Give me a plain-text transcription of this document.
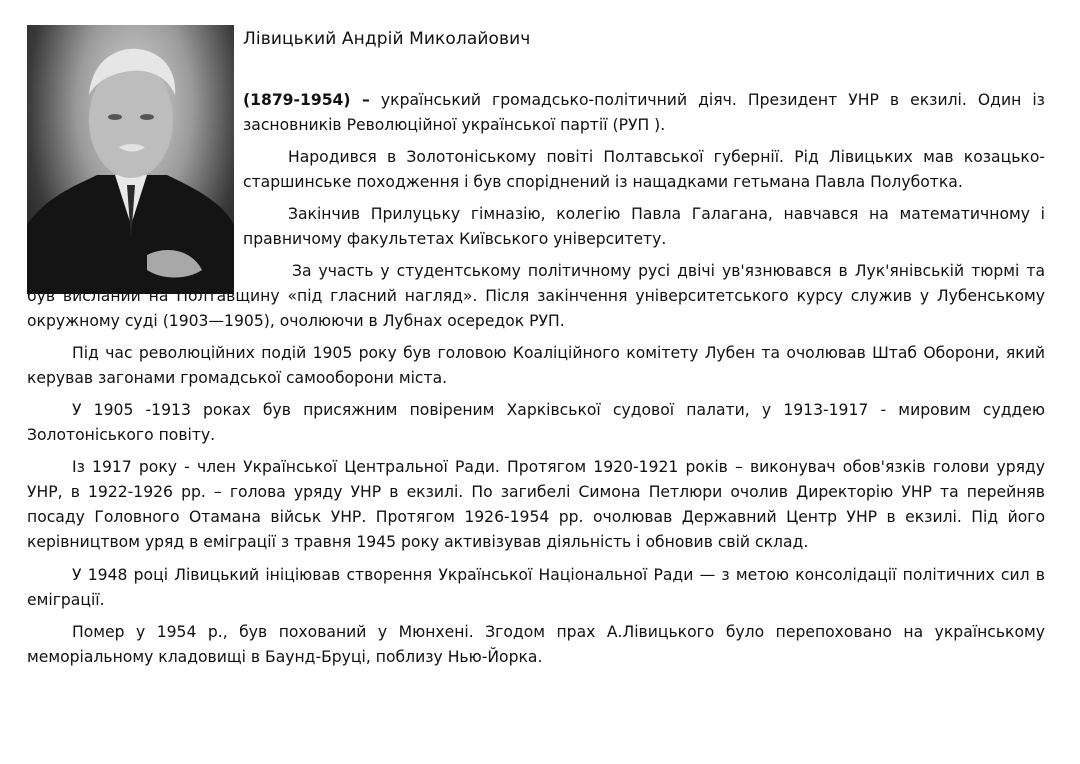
Лівицький Андрій Миколайович

(1879-1954) – український громадсько-політичний діяч. Президент УНР в екзилі. Один із засновників Революційної української партії (РУП ).

Народився в Золотоніському повіті Полтавської губернії. Рід Лівицьких мав козацько-старшинське походження і був споріднений із нащадками гетьмана Павла Полуботка.

Закінчив Прилуцьку гімназію, колегію Павла Галагана, навчався на математичному і правничому факультетах Київського університету.

За участь у студентському політичному русі двічі ув'язнювався в Лук'янівській тюрмі та був висланий на Полтавщину «під гласний нагляд». Після закінчення університетського курсу служив у Лубенському окружному суді (1903—1905), очолюючи в Лубнах осередок РУП.

Під час революційних подій 1905 року був головою Коаліційного комітету Лубен та очолював Штаб Оборони, який керував загонами громадської самооборони міста.

У 1905 -1913 роках був присяжним повіреним Харківської судової палати, у 1913-1917 - мировим суддею Золотоніського повіту.

Із 1917 року - член Української Центральної Ради. Протягом 1920-1921 років – виконувач обов'язків голови уряду УНР, в 1922-1926 рр. – голова уряду УНР в екзилі. По загибелі Симона Петлюри очолив Директорію УНР та перейняв посаду Головного Отамана військ УНР. Протягом 1926-1954 рр. очолював Державний Центр УНР в екзилі. Під його керівництвом уряд в еміграції з травня 1945 року активізував діяльність і обновив свій склад.

У 1948 році Лівицький ініціював створення Української Національної Ради — з метою консолідації політичних сил в еміграції.

Помер у 1954 р., був похований у Мюнхені. Згодом прах А.Лівицького було перепоховано на українському меморіальному кладовищі в Баунд-Бруці, поблизу Нью-Йорка.
